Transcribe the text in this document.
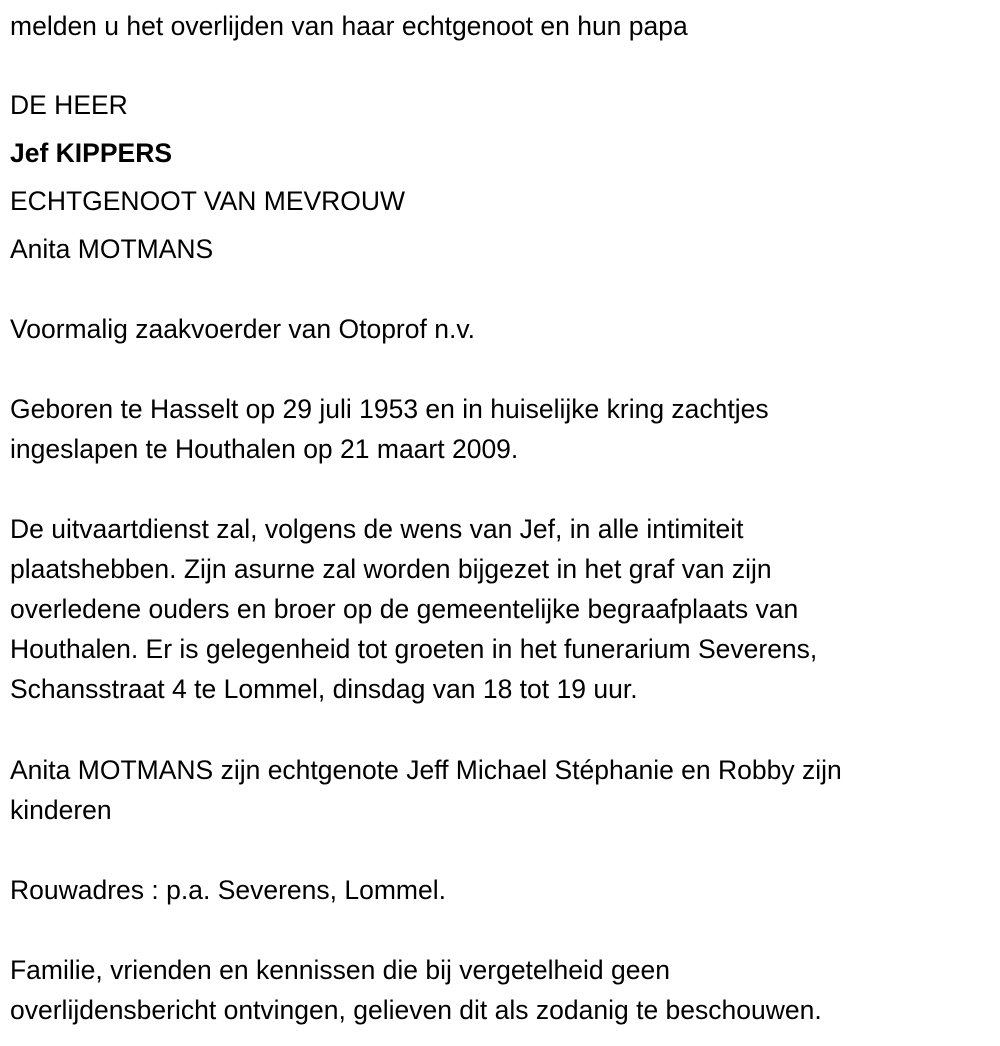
melden u het overlijden van haar echtgenoot en hun papa

DE HEER

Jef KIPPERS

ECHTGENOOT VAN MEVROUW

Anita MOTMANS

Voormalig zaakvoerder van Otoprof n.v.

Geboren te Hasselt op 29 juli 1953 en in huiselijke kring zachtjes
ingeslapen te Houthalen op 21 maart 2009.
De uitvaartdienst zal, volgens de wens van Jef, in alle intimiteit
plaatshebben. Zijn asurne zal worden bijgezet in het graf van zijn
overledene ouders en broer op de gemeentelijke begraafplaats van
Houthalen. Er is gelegenheid tot groeten in het funerarium Severens,
Schansstraat 4 te Lommel, dinsdag van 18 tot 19 uur.
Anita MOTMANS zijn echtgenote Jeff Michael Stéphanie en Robby zijn
kinderen

Rouwadres : p.a. Severens, Lommel.

Familie, vrienden en kennissen die bij vergetelheid geen
overlijdensbericht ontvingen, gelieven dit als zodanig te beschouwen.
